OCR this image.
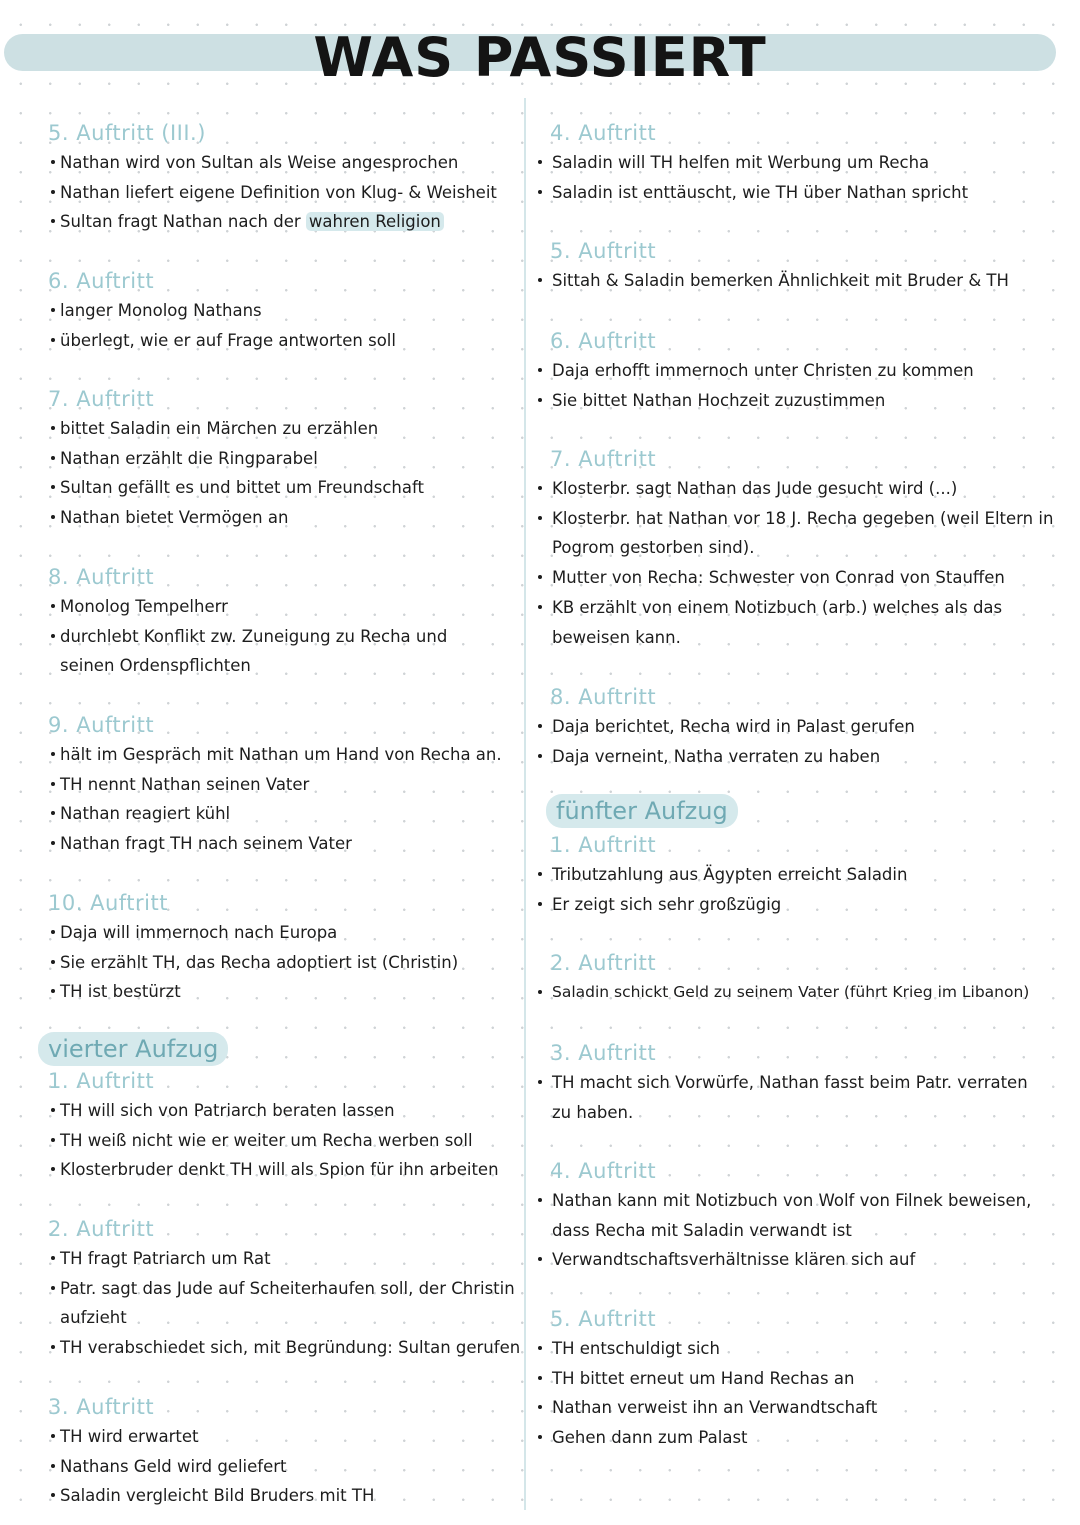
WAS PASSIERT
5. Auftritt (III.)
Nathan wird von Sultan als Weise angesprochen
Nathan liefert eigene Definition von Klug- & Weisheit
Sultan fragt Nathan nach der wahren Religion
6. Auftritt
langer Monolog Nathans
überlegt, wie er auf Frage antworten soll
7. Auftritt
bittet Saladin ein Märchen zu erzählen
Nathan erzählt die Ringparabel
Sultan gefällt es und bittet um Freundschaft
Nathan bietet Vermögen an
8. Auftritt
Monolog Tempelherr
durchlebt Konflikt zw. Zuneigung zu Recha und
seinen Ordenspflichten
9. Auftritt
hält im Gespräch mit Nathan um Hand von Recha an.
TH nennt Nathan seinen Vater
Nathan reagiert kühl
Nathan fragt TH nach seinem Vater
10. Auftritt
Daja will immernoch nach Europa
Sie erzählt TH, das Recha adoptiert ist (Christin)
TH ist bestürzt
vierter Aufzug
1. Auftritt
TH will sich von Patriarch beraten lassen
TH weiß nicht wie er weiter um Recha werben soll
Klosterbruder denkt TH will als Spion für ihn arbeiten
2. Auftritt
TH fragt Patriarch um Rat
Patr. sagt das Jude auf Scheiterhaufen soll, der Christin
aufzieht
TH verabschiedet sich, mit Begründung: Sultan gerufen
3. Auftritt
TH wird erwartet
Nathans Geld wird geliefert
Saladin vergleicht Bild Bruders mit TH
4. Auftritt
Saladin will TH helfen mit Werbung um Recha
Saladin ist enttäuscht, wie TH über Nathan spricht
5. Auftritt
Sittah & Saladin bemerken Ähnlichkeit mit Bruder & TH
6. Auftritt
Daja erhofft immernoch unter Christen zu kommen
Sie bittet Nathan Hochzeit zuzustimmen
7. Auftritt
Klosterbr. sagt Nathan das Jude gesucht wird (...)
Klosterbr. hat Nathan vor 18 J. Recha gegeben (weil Eltern in
Pogrom gestorben sind).
Mutter von Recha: Schwester von Conrad von Stauffen
KB erzählt von einem Notizbuch (arb.) welches als das
beweisen kann.
8. Auftritt
Daja berichtet, Recha wird in Palast gerufen
Daja verneint, Natha verraten zu haben
fünfter Aufzug
1. Auftritt
Tributzahlung aus Ägypten erreicht Saladin
Er zeigt sich sehr großzügig
2. Auftritt
Saladin schickt Geld zu seinem Vater (führt Krieg im Libanon)
3. Auftritt
TH macht sich Vorwürfe, Nathan fasst beim Patr. verraten
zu haben.
4. Auftritt
Nathan kann mit Notizbuch von Wolf von Filnek beweisen,
dass Recha mit Saladin verwandt ist
Verwandtschaftsverhältnisse klären sich auf
5. Auftritt
TH entschuldigt sich
TH bittet erneut um Hand Rechas an
Nathan verweist ihn an Verwandtschaft
Gehen dann zum Palast
